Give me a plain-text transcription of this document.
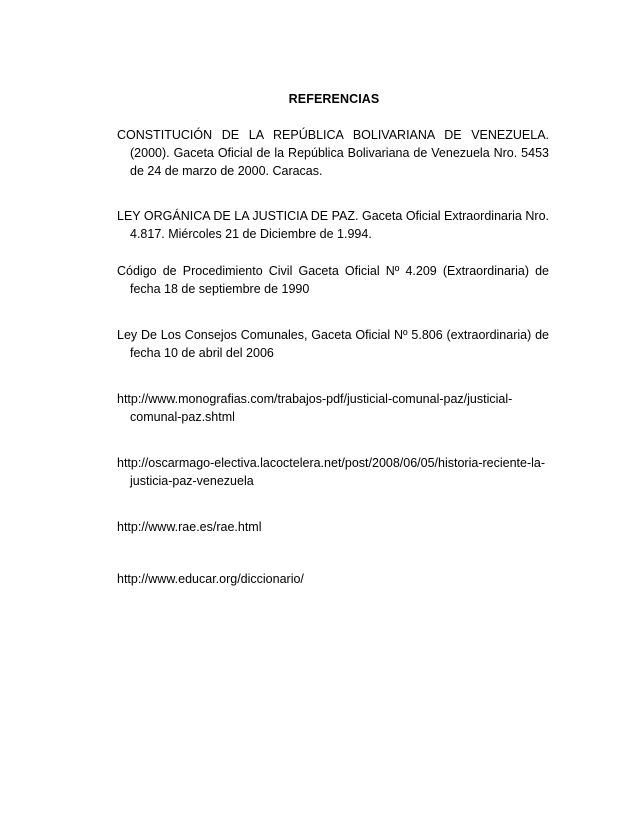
REFERENCIAS
CONSTITUCIÓN DE LA REPÚBLICA BOLIVARIANA DE VENEZUELA. (2000). Gaceta Oficial de la República Bolivariana de Venezuela Nro. 5453 de 24 de marzo de 2000. Caracas.
LEY ORGÁNICA DE LA JUSTICIA DE PAZ. Gaceta Oficial Extraordinaria Nro. 4.817. Miércoles 21 de Diciembre de 1.994.
Código de Procedimiento Civil Gaceta Oficial Nº 4.209 (Extraordinaria) de fecha 18 de septiembre de 1990
Ley De Los Consejos Comunales, Gaceta Oficial Nº 5.806 (extraordinaria) de fecha 10 de abril del 2006
http://www.monografias.com/trabajos-pdf/justicial-comunal-paz/justicial-comunal-paz.shtml
http://oscarmago-electiva.lacoctelera.net/post/2008/06/05/historia-reciente-la-justicia-paz-venezuela
http://www.rae.es/rae.html
http://www.educar.org/diccionario/
